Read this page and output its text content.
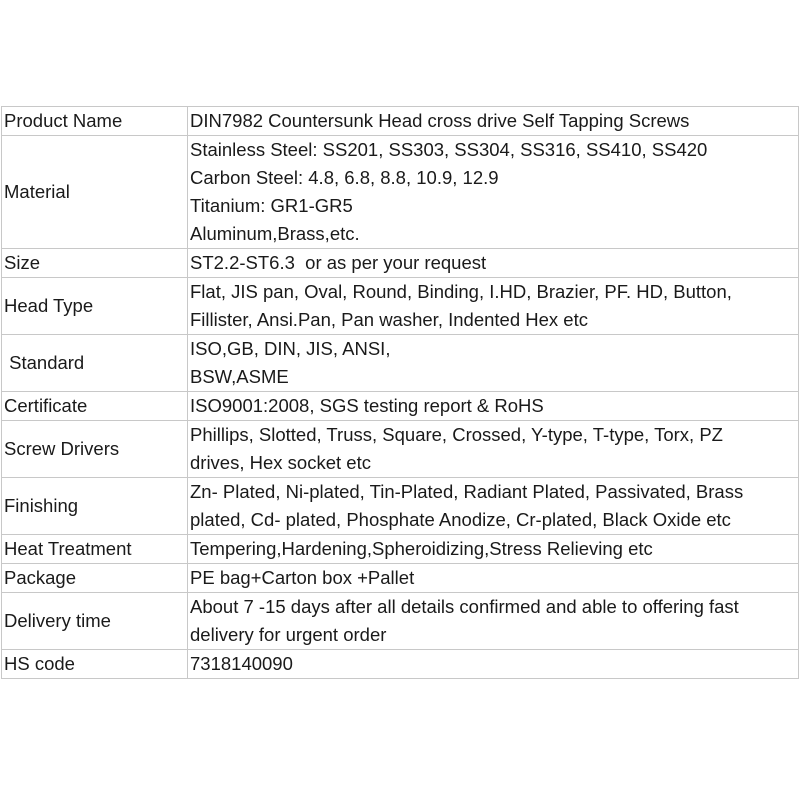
Product Name	DIN7982 Countersunk Head cross drive Self Tapping Screws

Material	Stainless Steel: SS201, SS303, SS304, SS316, SS410, SS420
Carbon Steel: 4.8, 6.8, 8.8, 10.9, 12.9
Titanium: GR1-GR5
Aluminum,Brass,etc.

Size	ST2.2-ST6.3  or as per your request

Head Type	Flat, JIS pan, Oval, Round, Binding, I.HD, Brazier, PF. HD, Button,
Fillister, Ansi.Pan, Pan washer, Indented Hex etc

Standard	ISO,GB, DIN, JIS, ANSI,
BSW,ASME

Certificate	ISO9001:2008, SGS testing report & RoHS

Screw Drivers	Phillips, Slotted, Truss, Square, Crossed, Y-type, T-type, Torx, PZ
drives, Hex socket etc

Finishing	Zn- Plated, Ni-plated, Tin-Plated, Radiant Plated, Passivated, Brass
plated, Cd- plated, Phosphate Anodize, Cr-plated, Black Oxide etc

Heat Treatment	Tempering,Hardening,Spheroidizing,Stress Relieving etc

Package	PE bag+Carton box +Pallet

Delivery time	About 7 -15 days after all details confirmed and able to offering fast
delivery for urgent order

HS code	7318140090
